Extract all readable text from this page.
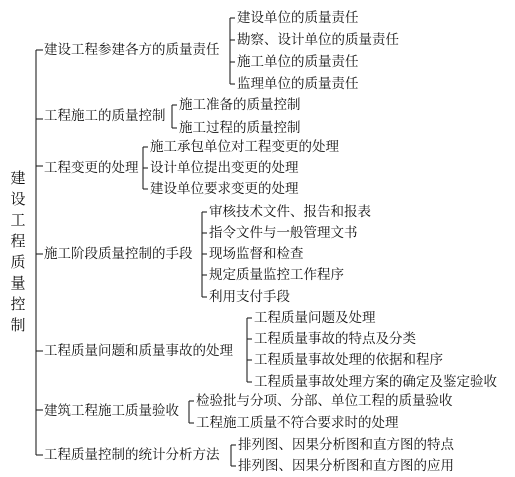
建
设
工
程
质
量
控
制
建设工程参建各方的质量责任
建设单位的质量责任
勘察、设计单位的质量责任
施工单位的质量责任
监理单位的质量责任
工程施工的质量控制
施工准备的质量控制
施工过程的质量控制
工程变更的处理
施工承包单位对工程变更的处理
设计单位提出变更的处理
建设单位要求变更的处理
施工阶段质量控制的手段
审核技术文件、报告和报表
指令文件与一般管理文书
现场监督和检查
规定质量监控工作程序
利用支付手段
工程质量问题和质量事故的处理
工程质量问题及处理
工程质量事故的特点及分类
工程质量事故处理的依据和程序
工程质量事故处理方案的确定及鉴定验收
建筑工程施工质量验收
检验批与分项、分部、单位工程的质量验收
工程施工质量不符合要求时的处理
工程质量控制的统计分析方法
排列图、因果分析图和直方图的特点
排列图、因果分析图和直方图的应用
